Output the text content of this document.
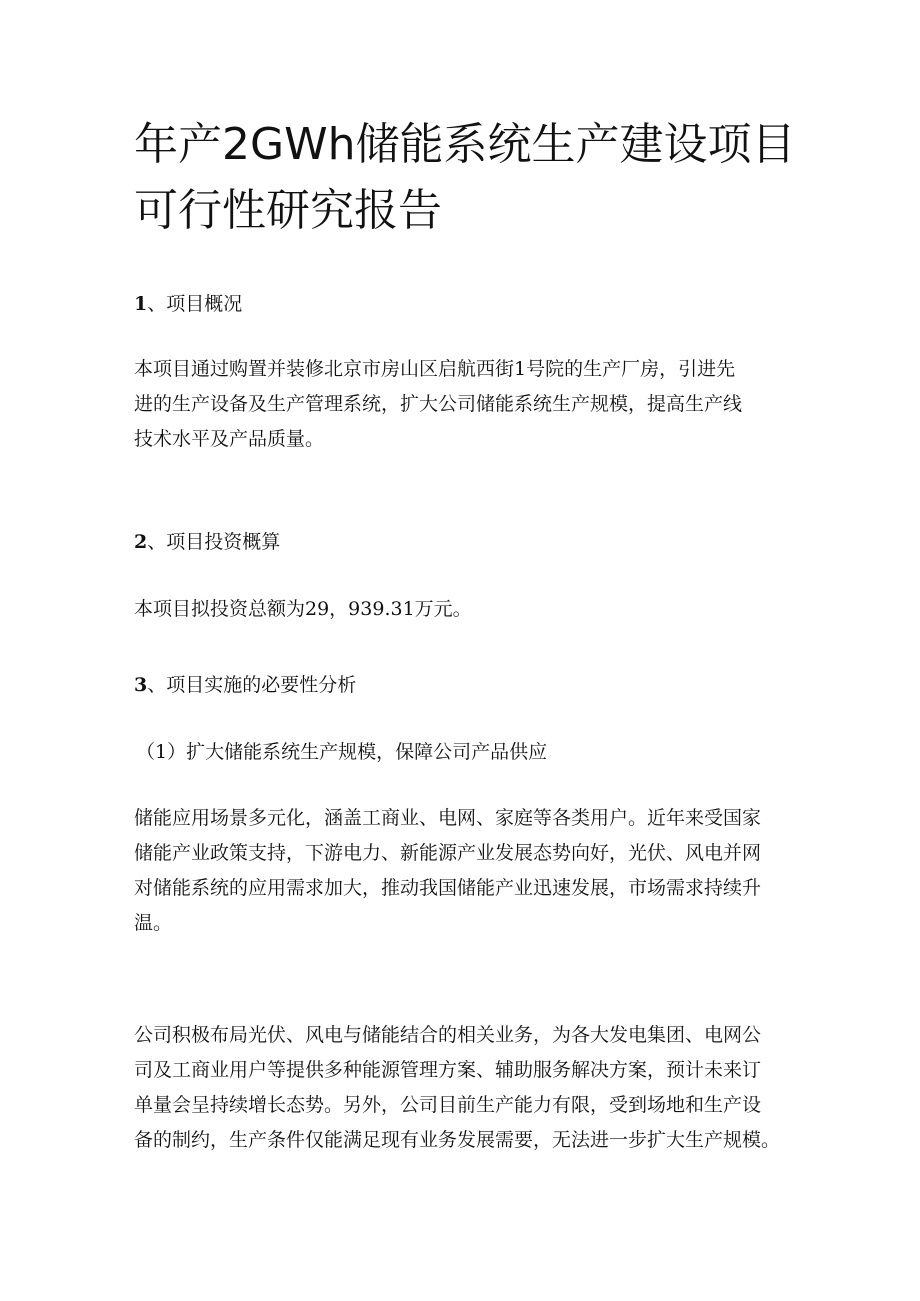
年产2GWh储能系统生产建设项目
可行性研究报告

1、项目概况

本项目通过购置并装修北京市房山区启航西街1号院的生产厂房，引进先
进的生产设备及生产管理系统，扩大公司储能系统生产规模，提高生产线
技术水平及产品质量。

2、项目投资概算

本项目拟投资总额为29，939.31万元。

3、项目实施的必要性分析

（1）扩大储能系统生产规模，保障公司产品供应

储能应用场景多元化，涵盖工商业、电网、家庭等各类用户。近年来受国家
储能产业政策支持，下游电力、新能源产业发展态势向好，光伏、风电并网
对储能系统的应用需求加大，推动我国储能产业迅速发展，市场需求持续升
温。

公司积极布局光伏、风电与储能结合的相关业务，为各大发电集团、电网公
司及工商业用户等提供多种能源管理方案、辅助服务解决方案，预计未来订
单量会呈持续增长态势。另外，公司目前生产能力有限，受到场地和生产设
备的制约，生产条件仅能满足现有业务发展需要，无法进一步扩大生产规模。
